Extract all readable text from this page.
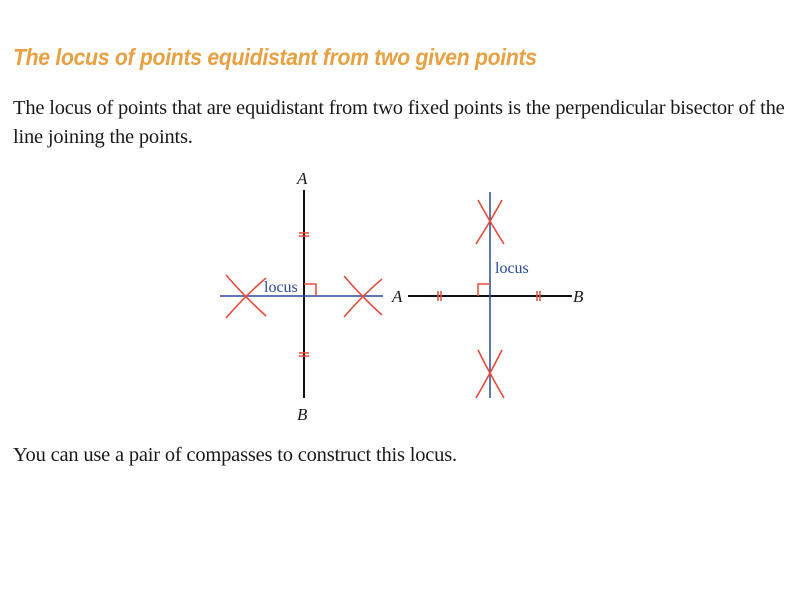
The locus of points equidistant from two given points

The locus of points that are equidistant from two fixed points is the perpendicular bisector of the line joining the points.

A
B
locus	A	B
locus
You can use a pair of compasses to construct this locus.
